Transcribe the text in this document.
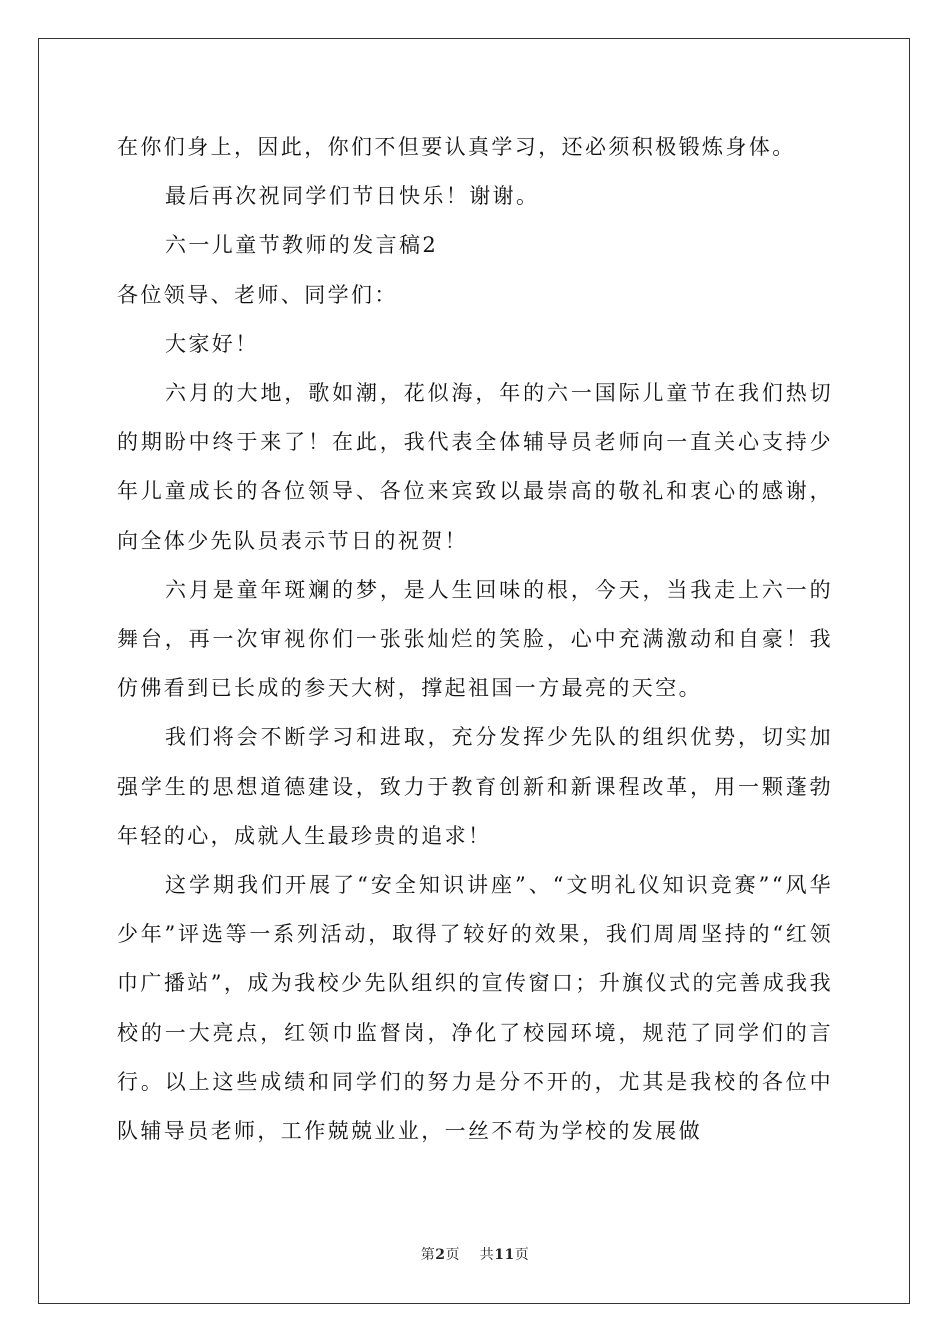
在你们身上，因此，你们不但要认真学习，还必须积极锻炼身体。

最后再次祝同学们节日快乐！谢谢。

六一儿童节教师的发言稿2

各位领导、老师、同学们：

大家好！

六月的大地，歌如潮，花似海，年的六一国际儿童节在我们热切的期盼中终于来了！在此，我代表全体辅导员老师向一直关心支持少年儿童成长的各位领导、各位来宾致以最崇高的敬礼和衷心的感谢，向全体少先队员表示节日的祝贺！

六月是童年斑斓的梦，是人生回味的根，今天，当我走上六一的舞台，再一次审视你们一张张灿烂的笑脸，心中充满激动和自豪！我仿佛看到已长成的参天大树，撑起祖国一方最亮的天空。

我们将会不断学习和进取，充分发挥少先队的组织优势，切实加强学生的思想道德建设，致力于教育创新和新课程改革，用一颗蓬勃年轻的心，成就人生最珍贵的追求！

这学期我们开展了“安全知识讲座”、“文明礼仪知识竞赛”“风华少年”评选等一系列活动，取得了较好的效果，我们周周坚持的“红领巾广播站”，成为我校少先队组织的宣传窗口；升旗仪式的完善成我我校的一大亮点，红领巾监督岗，净化了校园环境，规范了同学们的言行。以上这些成绩和同学们的努力是分不开的，尤其是我校的各位中队辅导员老师，工作兢兢业业，一丝不苟为学校的发展做

第2页 共11页
